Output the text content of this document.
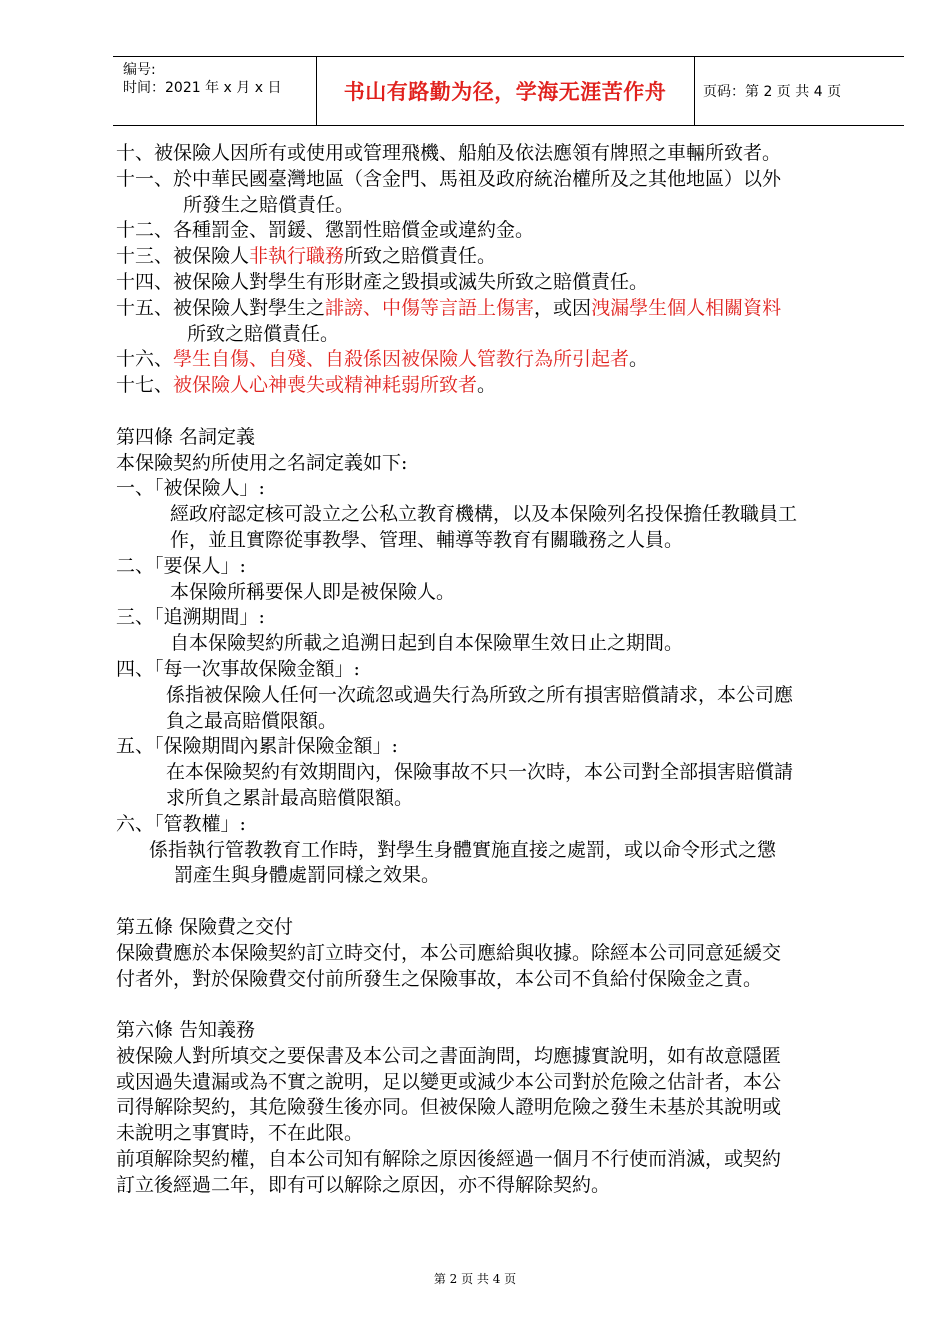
编号:
时间：2021 年 x 月 x 日	书山有路勤为径，学海无涯苦作舟	页码：第 2 页 共 4 页
十、被保險人因所有或使用或管理飛機、船舶及依法應領有牌照之車輛所致者。
十一、於中華民國臺灣地區（含金門、馬祖及政府統治權所及之其他地區）以外
所發生之賠償責任。
十二、各種罰金、罰鍰、懲罰性賠償金或違約金。
十三、被保險人非執行職務所致之賠償責任。
十四、被保險人對學生有形財產之毀損或滅失所致之賠償責任。
十五、被保險人對學生之誹謗、中傷等言語上傷害，或因洩漏學生個人相關資料
所致之賠償責任。
十六、學生自傷、自殘、自殺係因被保險人管教行為所引起者。
十七、被保險人心神喪失或精神耗弱所致者。
第四條 名詞定義
本保險契約所使用之名詞定義如下:
一、「被保險人」:
經政府認定核可設立之公私立教育機構，以及本保險列名投保擔任教職員工
作，並且實際從事教學、管理、輔導等教育有關職務之人員。
二、「要保人」:
本保險所稱要保人即是被保險人。
三、「追溯期間」:
自本保險契約所載之追溯日起到自本保險單生效日止之期間。
四、「每一次事故保險金額」:
係指被保險人任何一次疏忽或過失行為所致之所有損害賠償請求，本公司應
負之最高賠償限額。
五、「保險期間內累計保險金額」:
在本保險契約有效期間內，保險事故不只一次時，本公司對全部損害賠償請
求所負之累計最高賠償限額。
六、「管教權」:
係指執行管教教育工作時，對學生身體實施直接之處罰，或以命令形式之懲
罰產生與身體處罰同樣之效果。
第五條 保險費之交付
保險費應於本保險契約訂立時交付，本公司應給與收據。除經本公司同意延緩交
付者外，對於保險費交付前所發生之保險事故，本公司不負給付保險金之責。
第六條 告知義務
被保險人對所填交之要保書及本公司之書面詢問，均應據實說明，如有故意隱匿
或因過失遺漏或為不實之說明，足以變更或減少本公司對於危險之估計者，本公
司得解除契約，其危險發生後亦同。但被保險人證明危險之發生未基於其說明或
未說明之事實時，不在此限。
前項解除契約權，自本公司知有解除之原因後經過一個月不行使而消滅，或契約
訂立後經過二年，即有可以解除之原因，亦不得解除契約。
第 2 页 共 4 页
